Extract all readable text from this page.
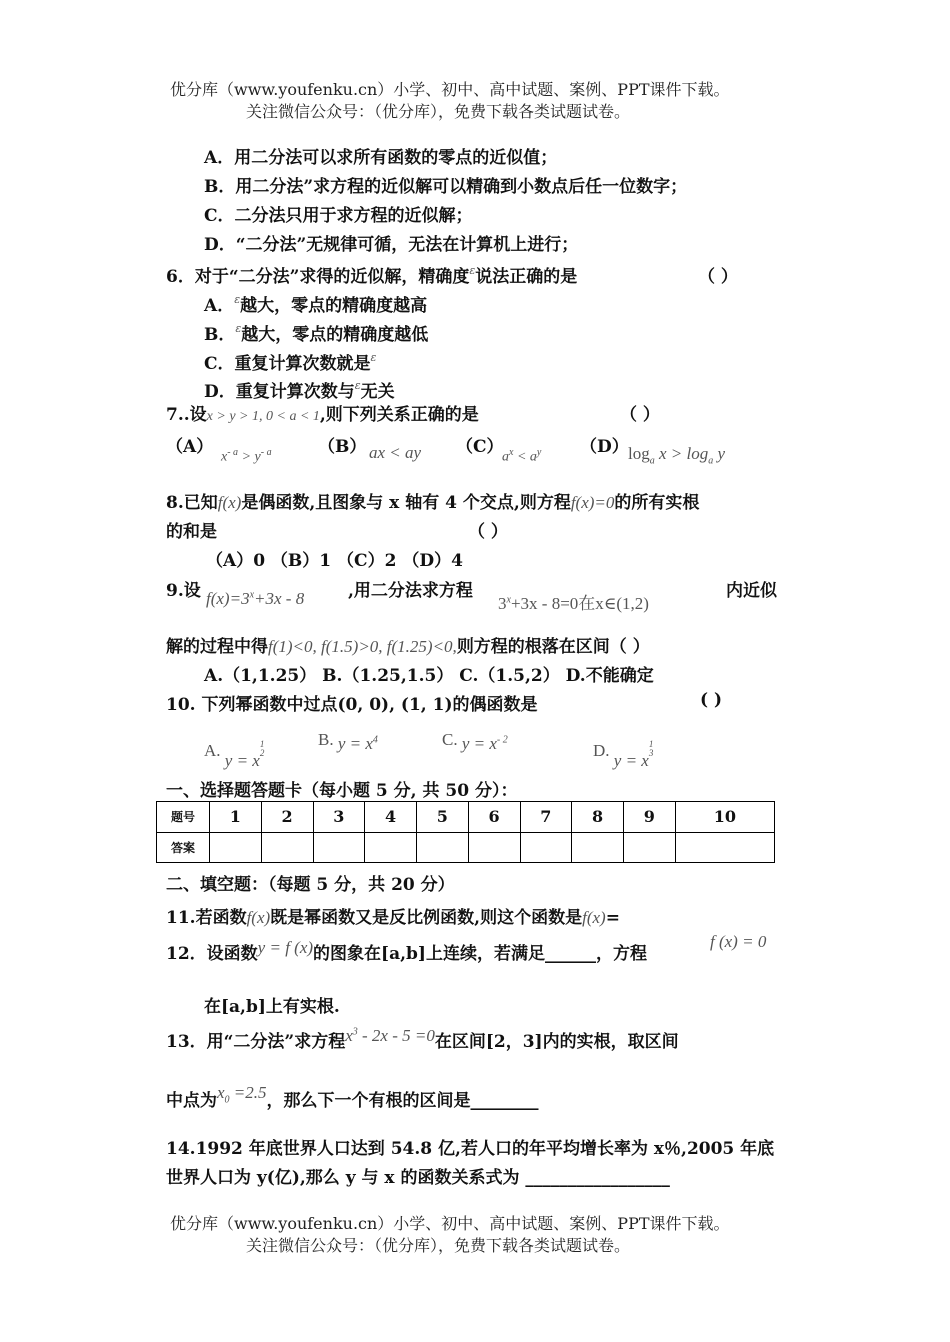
优分库（www.youfenku.cn）小学、初中、高中试题、案例、PPT课件下载。
关注微信公众号：（优分库），免费下载各类试题试卷。
A．用二分法可以求所有函数的零点的近似值；
B．用二分法”求方程的近似解可以精确到小数点后任一位数字；
C．二分法只用于求方程的近似解；
D．“二分法”无规律可循，无法在计算机上进行；
6．对于“二分法”求得的近似解，精确度$^\varepsilon$说法正确的是	（ ）
A．$^\varepsilon$越大，零点的精确度越高
B．$^\varepsilon$越大，零点的精确度越低
C．重复计算次数就是$^\varepsilon$
D．重复计算次数与$^\varepsilon$无关
7..设x > y > 1, 0 < a < 1,则下列关系正确的是	（ ）
（A）
$x^{- a} > y^{- a}$	（B） ax < ay （C）
$a^x < a^y$ （D） $\log_a x > \log_a y$
8.已知f(x)是偶函数,且图象与 x 轴有 4 个交点,则方程f(x)=0的所有实根
的和是	（ ）
（A）0 （B）1 （C）2 （D）4
9.设 $f(x)=3^x+3x - 8$	,用二分法求方程
$3^x+3x - 8=0$在x∈(1,2)
内近似
解的过程中得f(1)<0, f(1.5)>0, f(1.25)<0,则方程的根落在区间（ ）
A.（1,1.25） B.（1.25,1.5） C.（1.5,2） D.不能确定
10. 下列幂函数中过点(0, 0), (1, 1)的偶函数是	( )
A. y = x1
2
B. $y = x^4$	C. $y = x^{- 2}$
D. y = x1
3
一、选择题答题卡（每小题 5 分, 共 50 分）：
题号	1	2	3	4	5	6	7	8	9	10
答案										
二、填空题：（每题 5 分，共 20 分）
11.若函数f(x)既是幂函数又是反比例函数,则这个函数是f(x)=
12．设函数y = f (x)的图象在[a,b]上连续，若满足______，方程
f (x) = 0
在[a,b]上有实根.
13．用“二分法”求方程$x^3 - 2x - 5 =0$在区间[2，3]内的实根，取区间
中点为$x_0 =2.5$，那么下一个有根的区间是________
14.1992 年底世界人口达到 54.8 亿,若人口的年平均增长率为 x％,2005 年底
世界人口为 y(亿),那么 y 与 x 的函数关系式为 _________________
优分库（www.youfenku.cn）小学、初中、高中试题、案例、PPT课件下载。
关注微信公众号：（优分库），免费下载各类试题试卷。
